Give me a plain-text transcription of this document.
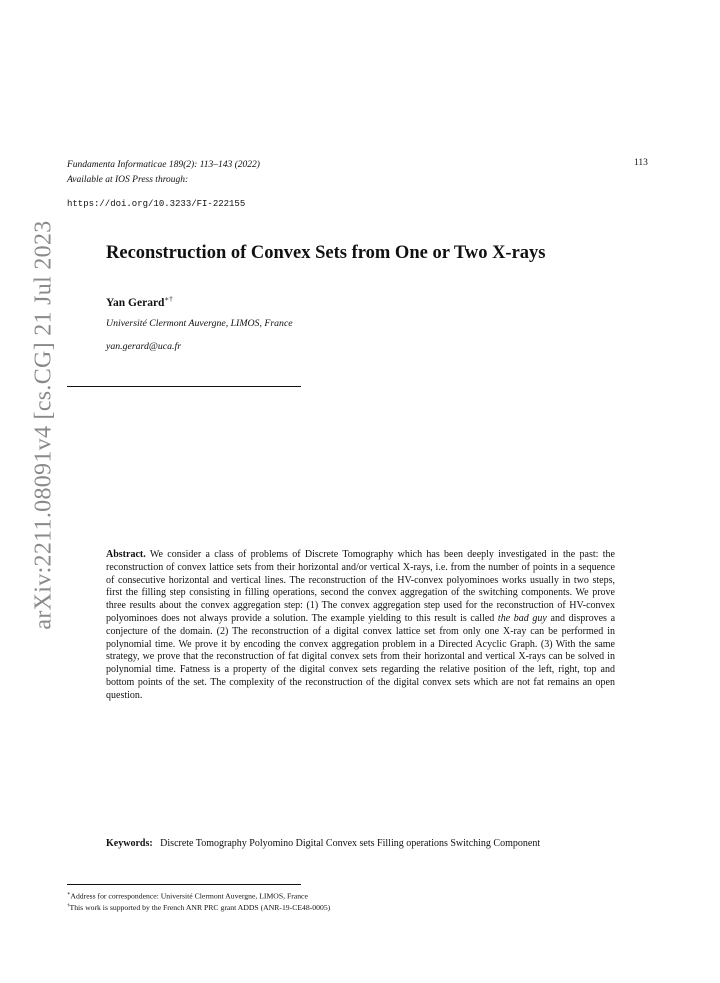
Fundamenta Informaticae 189(2): 113–143 (2022)
Available at IOS Press through:
113
https://doi.org/10.3233/FI-222155
arXiv:2211.08091v4 [cs.CG] 21 Jul 2023	Reconstruction of Convex Sets from One or Two X-rays
Yan Gerard∗†
Université Clermont Auvergne, LIMOS, France
yan.gerard@uca.fr
Abstract. We consider a class of problems of Discrete Tomography which has been deeply investigated in the past: the reconstruction of convex lattice sets from their horizontal and/or vertical X-rays, i.e. from the number of points in a sequence of consecutive horizontal and vertical lines. The reconstruction of the HV-convex polyominoes works usually in two steps, first the filling step consisting in filling operations, second the convex aggregation of the switching components. We prove three results about the convex aggregation step: (1) The convex aggregation step used for the reconstruction of HV-convex polyominoes does not always provide a solution. The example yielding to this result is called the bad guy and disproves a conjecture of the domain. (2) The reconstruction of a digital convex lattice set from only one X-ray can be performed in polynomial time. We prove it by encoding the convex aggregation problem in a Directed Acyclic Graph. (3) With the same strategy, we prove that the reconstruction of fat digital convex sets from their horizontal and vertical X-rays can be solved in polynomial time. Fatness is a property of the digital convex sets regarding the relative position of the left, right, top and bottom points of the set. The complexity of the reconstruction of the digital convex sets which are not fat remains an open question.
Keywords: Discrete Tomography Polyomino Digital Convex sets Filling operations Switching Component
∗Address for correspondence: Université Clermont Auvergne, LIMOS, France
†This work is supported by the French ANR PRC grant ADDS (ANR-19-CE48-0005)
